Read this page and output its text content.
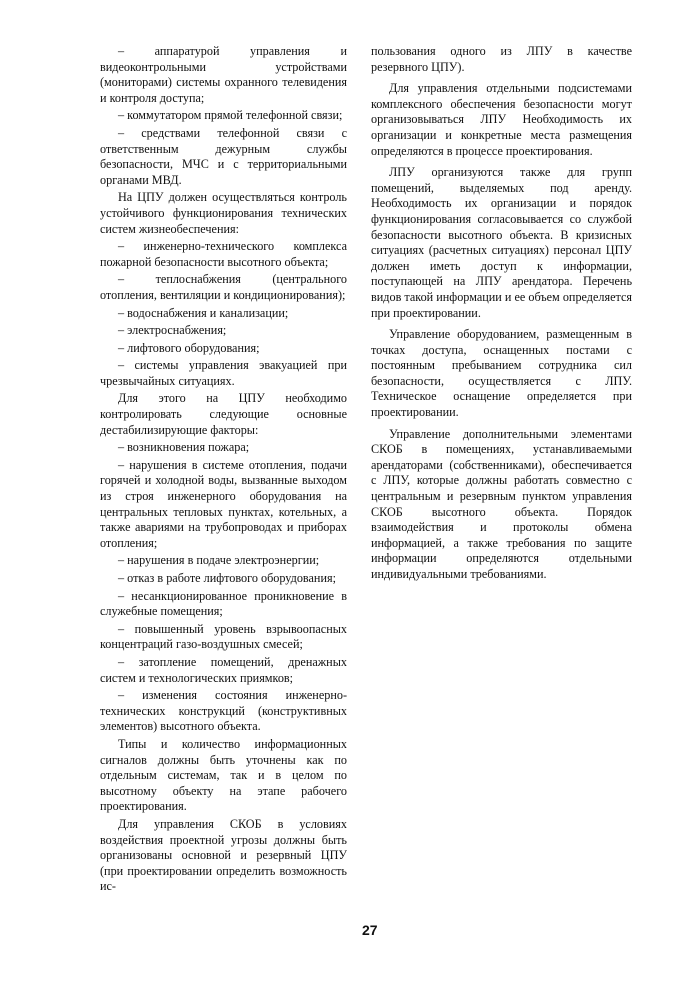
– аппаратурой управления и видеоконтрольными устройствами (мониторами) системы охранного телевидения и контроля доступа;

– коммутатором прямой телефонной связи;

– средствами телефонной связи с ответственным дежурным службы безопасности, МЧС и с территориальными органами МВД.

На ЦПУ должен осуществляться контроль устойчивого функционирования технических систем жизнеобеспечения:

– инженерно-технического комплекса пожарной безопасности высотного объекта;

– теплоснабжения (центрального отопления, вентиляции и кондиционирования);

– водоснабжения и канализации;

– электроснабжения;

– лифтового оборудования;

– системы управления эвакуацией при чрезвычайных ситуациях.

Для этого на ЦПУ необходимо контролировать следующие основные дестабилизирующие факторы:

– возникновения пожара;

– нарушения в системе отопления, подачи горячей и холодной воды, вызванные выходом из строя инженерного оборудования на центральных тепловых пунктах, котельных, а также авариями на трубопроводах и приборах отопления;

– нарушения в подаче электроэнергии;

– отказ в работе лифтового оборудования;

– несанкционированное проникновение в служебные помещения;

– повышенный уровень взрывоопасных концентраций газо-воздушных смесей;

– затопление помещений, дренажных систем и технологических приямков;

– изменения состояния инженерно-технических конструкций (конструктивных элементов) высотного объекта.

Типы и количество информационных сигналов должны быть уточнены как по отдельным системам, так и в целом по высотному объекту на этапе рабочего проектирования.

Для управления СКОБ в условиях воздействия проектной угрозы должны быть организованы основной и резервный ЦПУ (при проектировании определить возможность ис-

пользования одного из ЛПУ в качестве резервного ЦПУ).

Для управления отдельными подсистемами комплексного обеспечения безопасности могут организовываться ЛПУ Необходимость их организации и конкретные места размещения определяются в процессе проектирования.

ЛПУ организуются также для групп помещений, выделяемых под аренду. Необходимость их организации и порядок функционирования согласовывается со службой безопасности высотного объекта. В кризисных ситуациях (расчетных ситуациях) персонал ЦПУ должен иметь доступ к информации, поступающей на ЛПУ арендатора. Перечень видов такой информации и ее объем определяется при проектировании.

Управление оборудованием, размещенным в точках доступа, оснащенных постами с постоянным пребыванием сотрудника сил безопасности, осуществляется с ЛПУ. Техническое оснащение определяется при проектировании.

Управление дополнительными элементами СКОБ в помещениях, устанавливаемыми арендаторами (собственниками), обеспечивается с ЛПУ, которые должны работать совместно с центральным и резервным пунктом управления СКОБ высотного объекта. Порядок взаимодействия и протоколы обмена информацией, а также требования по защите информации определяются отдельными индивидуальными требованиями.

27
